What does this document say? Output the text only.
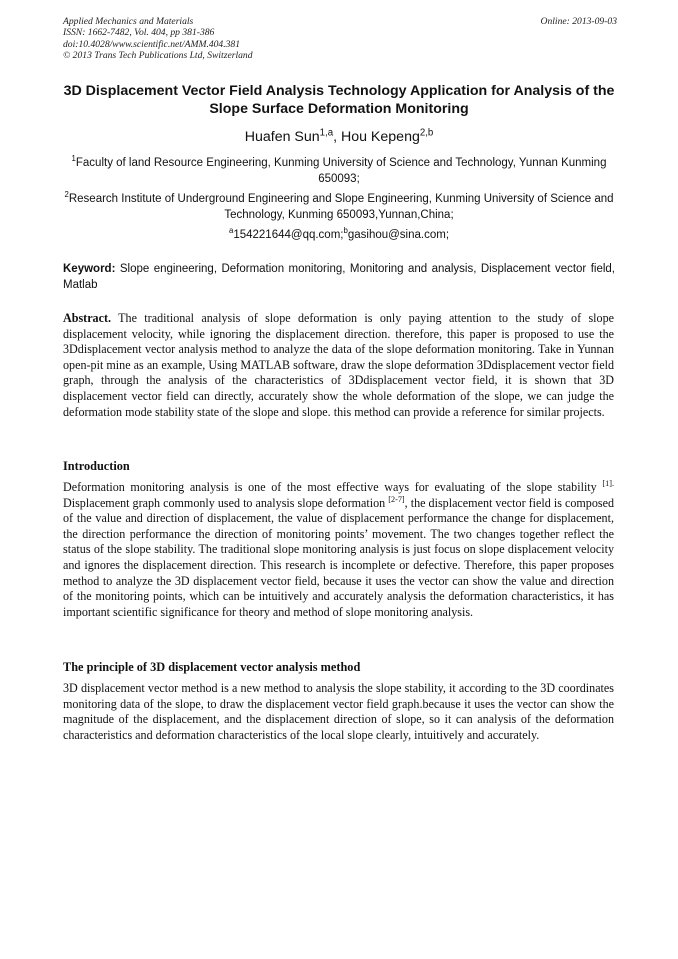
Applied Mechanics and Materials
ISSN: 1662-7482, Vol. 404, pp 381-386
doi:10.4028/www.scientific.net/AMM.404.381
© 2013 Trans Tech Publications Ltd, Switzerland
Online: 2013-09-03
3D Displacement Vector Field Analysis Technology Application for Analysis of the Slope Surface Deformation Monitoring
Huafen Sun$^{1,a}$, Hou Kepeng$^{2,b}$
$^1$Faculty of land Resource Engineering, Kunming University of Science and Technology, Yunnan Kunming 650093;
$^2$Research Institute of Underground Engineering and Slope Engineering, Kunming University of Science and Technology, Kunming 650093,Yunnan,China;
$^a$154221644@qq.com;$^b$gasihou@sina.com;
Keyword: Slope engineering, Deformation monitoring, Monitoring and analysis, Displacement vector field, Matlab
Abstract. The traditional analysis of slope deformation is only paying attention to the study of slope displacement velocity, while ignoring the displacement direction. therefore, this paper is proposed to use the 3Ddisplacement vector analysis method to analyze the data of the slope deformation monitoring. Take in Yunnan open-pit mine as an example, Using MATLAB software, draw the slope deformation 3Ddisplacement vector field graph, through the analysis of the characteristics of 3Ddisplacement vector field, it is shown that 3D displacement vector field can directly, accurately show the whole deformation of the slope, we can judge the deformation mode stability state of the slope and slope. this method can provide a reference for similar projects.
Introduction
Deformation monitoring analysis is one of the most effective ways for evaluating of the slope stability $^{[1].}$ Displacement graph commonly used to analysis slope deformation [2-7], the displacement vector field is composed of the value and direction of displacement, the value of displacement performance the change for displacement, the direction performance the direction of monitoring points’ movement. The two changes together reflect the status of the slope stability. The traditional slope monitoring analysis is just focus on slope displacement velocity and ignores the displacement direction. This research is incomplete or defective. Therefore, this paper proposes method to analyze the 3D displacement vector field, because it uses the vector can show the value and direction of the monitoring points, which can be intuitively and accurately analysis the deformation characteristics, it has important scientific significance for theory and method of slope monitoring analysis.
The principle of 3D displacement vector analysis method
3D displacement vector method is a new method to analysis the slope stability, it according to the 3D coordinates monitoring data of the slope, to draw the displacement vector field graph.because it uses the vector can show the magnitude of the displacement, and the displacement direction of slope, so it can analysis of the deformation characteristics and deformation characteristics of the local slope clearly, intuitively and accurately.
